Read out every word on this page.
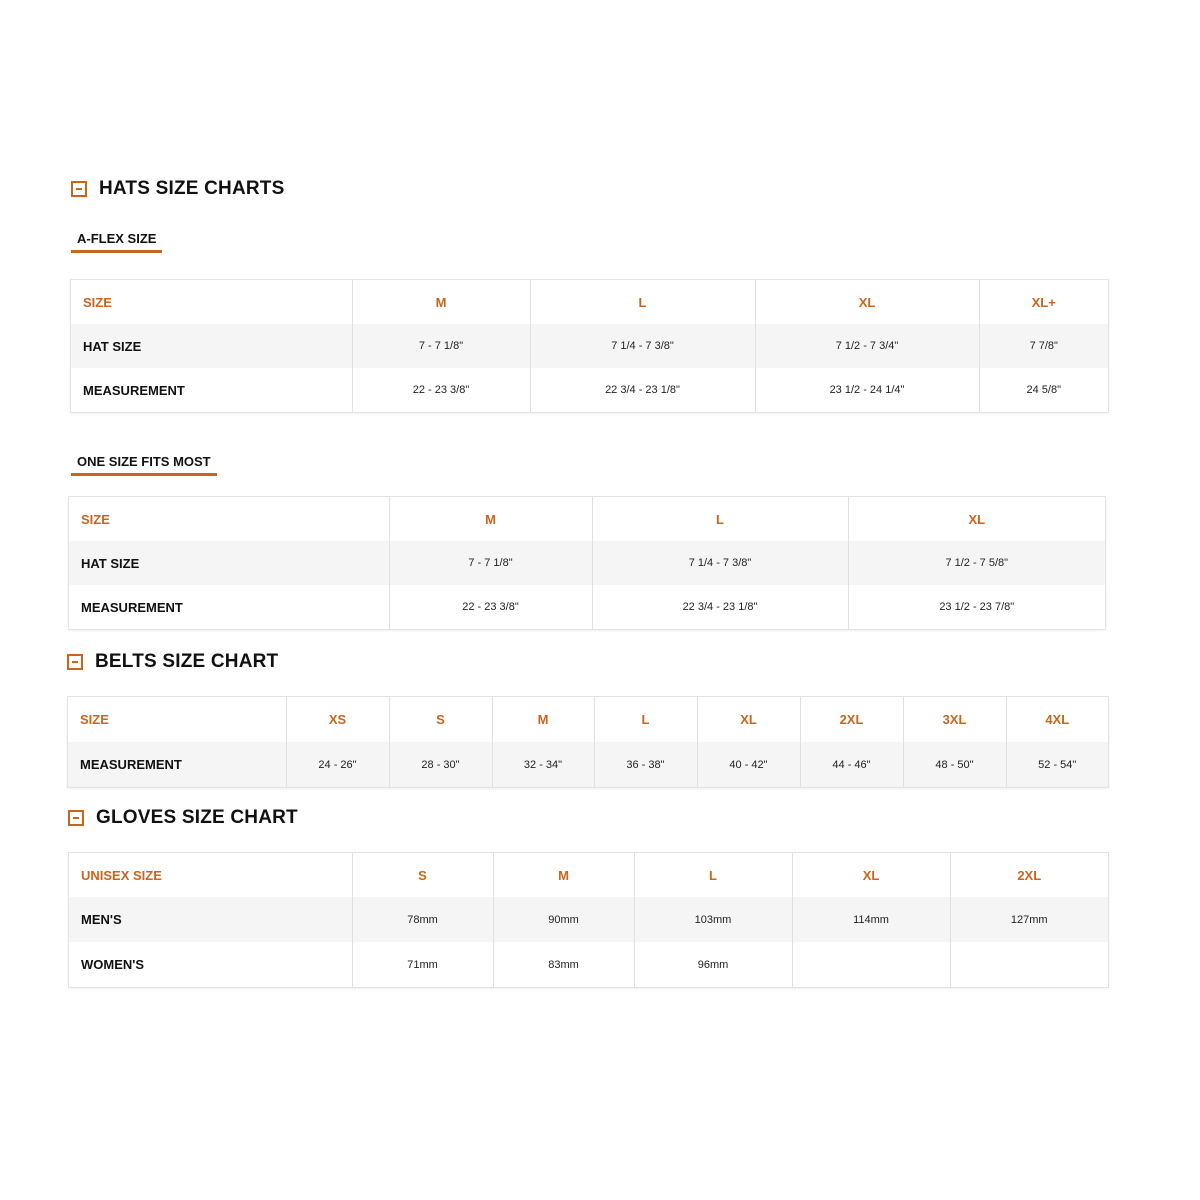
HATS SIZE CHARTS
A-FLEX SIZE
SIZE	M	L	XL	XL+
HAT SIZE	7 - 7 1/8"	7 1/4 - 7 3/8"	7 1/2 - 7 3/4"	7 7/8"
MEASUREMENT	22 - 23 3/8"	22 3/4 - 23 1/8"	23 1/2 - 24 1/4"	24 5/8"
ONE SIZE FITS MOST
SIZE	M	L	XL
HAT SIZE	7 - 7 1/8"	7 1/4 - 7 3/8"	7 1/2 - 7 5/8"
MEASUREMENT	22 - 23 3/8"	22 3/4 - 23 1/8"	23 1/2 - 23 7/8"
BELTS SIZE CHART
SIZE	XS	S	M	L	XL	2XL	3XL	4XL
MEASUREMENT	24 - 26"	28 - 30"	32 - 34"	36 - 38"	40 - 42"	44 - 46"	48 - 50"	52 - 54"
GLOVES SIZE CHART
UNISEX SIZE	S	M	L	XL	2XL
MEN'S	78mm	90mm	103mm	114mm	127mm
WOMEN'S	71mm	83mm	96mm		
